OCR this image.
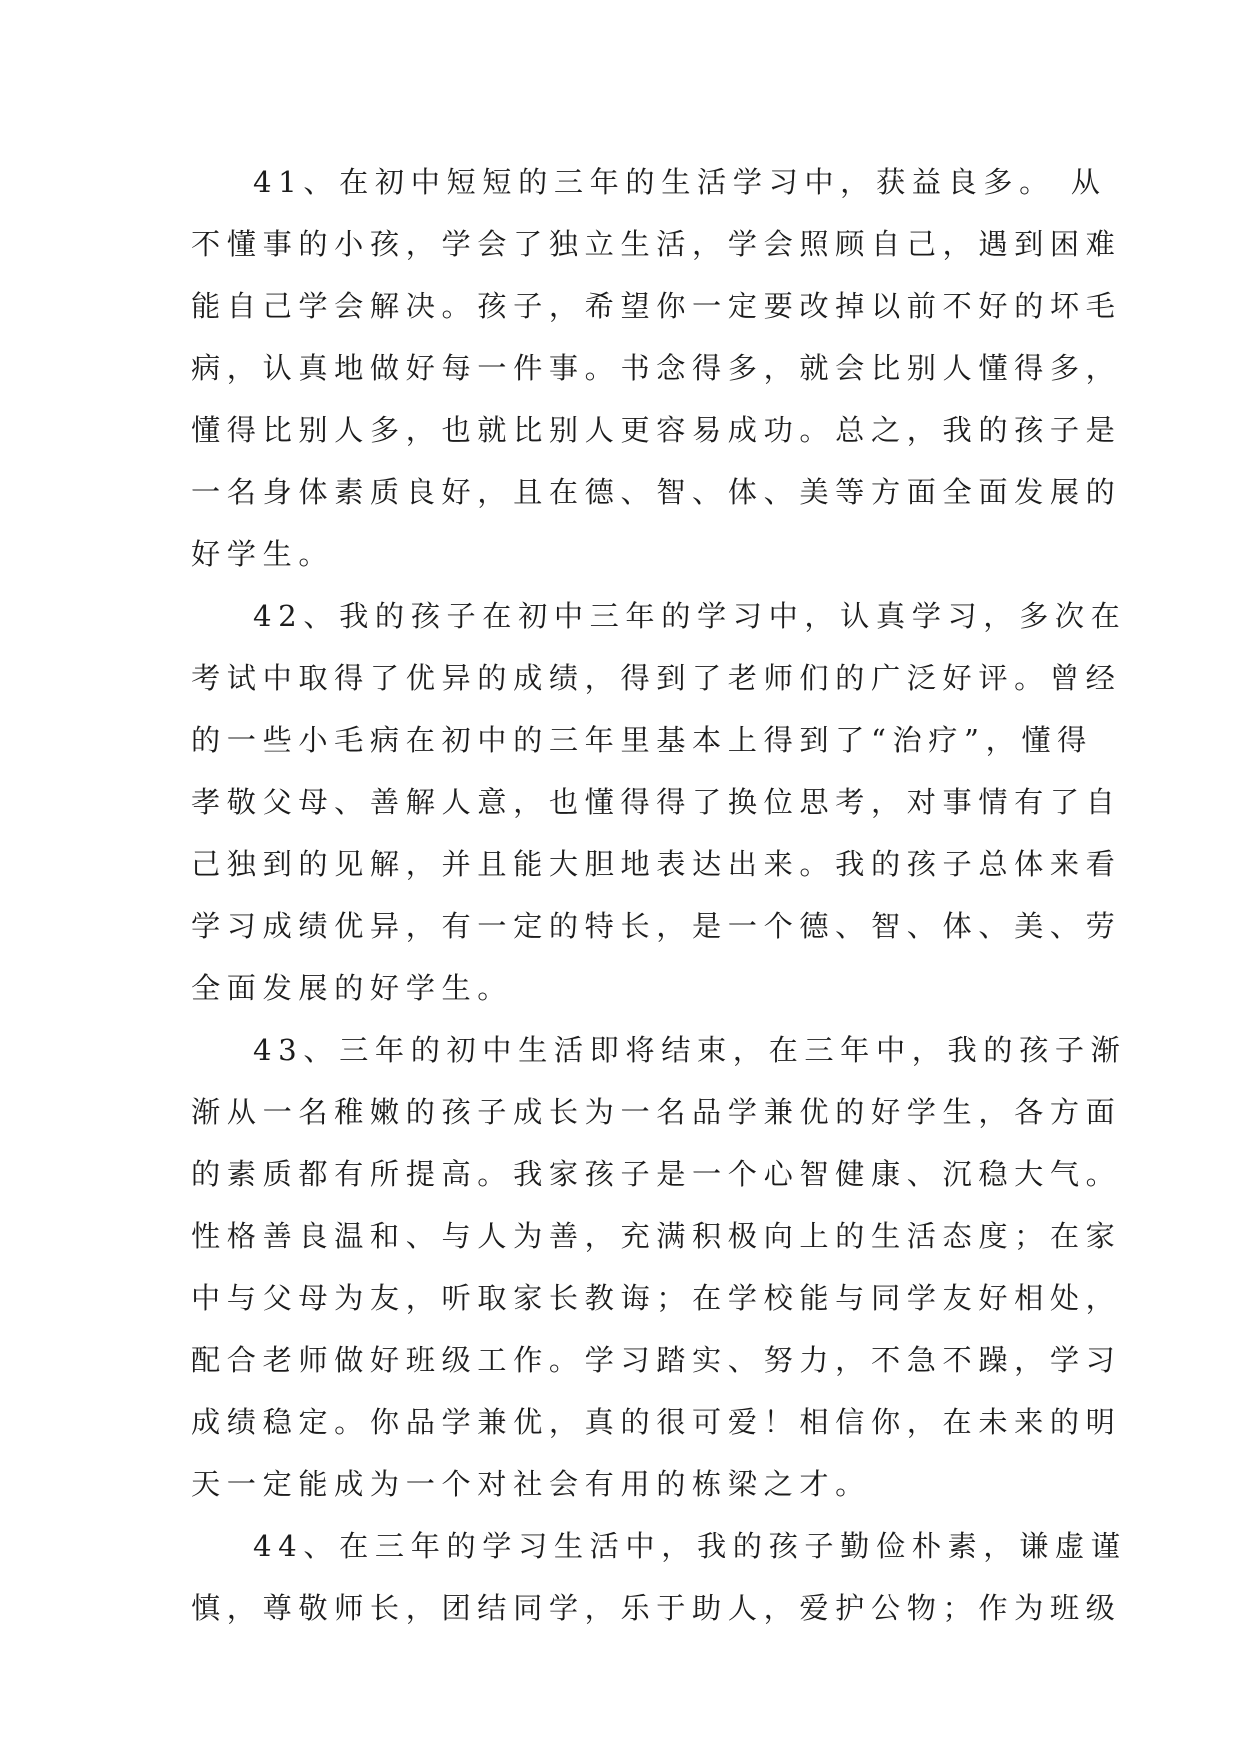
41、在初中短短的三年的生活学习中，获益良多。 从
不懂事的小孩，学会了独立生活，学会照顾自己，遇到困难
能自己学会解决。孩子，希望你一定要改掉以前不好的坏毛
病，认真地做好每一件事。书念得多，就会比别人懂得多，
懂得比别人多，也就比别人更容易成功。总之，我的孩子是
一名身体素质良好，且在德、智、体、美等方面全面发展的
好学生。
42、我的孩子在初中三年的学习中，认真学习，多次在
考试中取得了优异的成绩，得到了老师们的广泛好评。曾经
的一些小毛病在初中的三年里基本上得到了“治疗”，懂得
孝敬父母、善解人意，也懂得得了换位思考，对事情有了自
己独到的见解，并且能大胆地表达出来。我的孩子总体来看
学习成绩优异，有一定的特长，是一个德、智、体、美、劳
全面发展的好学生。
43、三年的初中生活即将结束，在三年中，我的孩子渐
渐从一名稚嫩的孩子成长为一名品学兼优的好学生，各方面
的素质都有所提高。我家孩子是一个心智健康、沉稳大气。
性格善良温和、与人为善，充满积极向上的生活态度；在家
中与父母为友，听取家长教诲；在学校能与同学友好相处，
配合老师做好班级工作。学习踏实、努力，不急不躁，学习
成绩稳定。你品学兼优，真的很可爱！相信你，在未来的明
天一定能成为一个对社会有用的栋梁之才。
44、在三年的学习生活中，我的孩子勤俭朴素，谦虚谨
慎，尊敬师长，团结同学，乐于助人，爱护公物；作为班级
